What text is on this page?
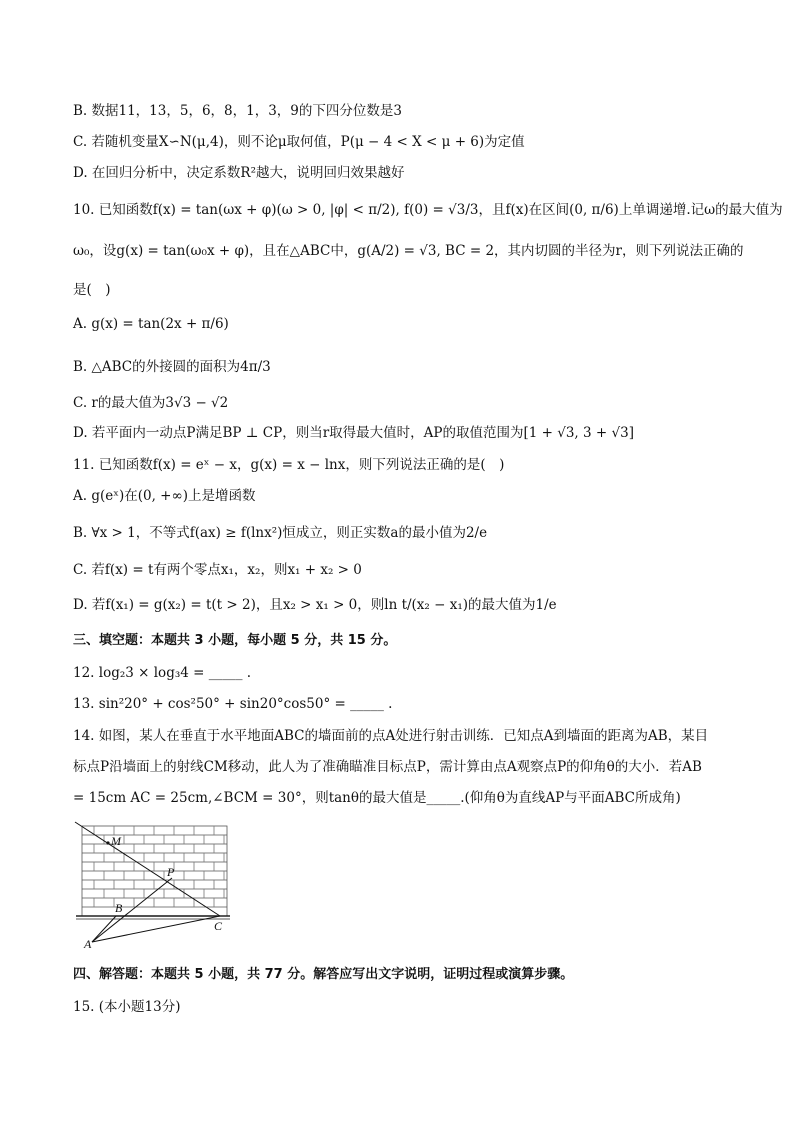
B. 数据11，13，5，6，8，1，3，9的下四分位数是3
C. 若随机变量X∽N(μ,4)，则不论μ取何值，P(μ − 4 < X < μ + 6)为定值
D. 在回归分析中，决定系数R²越大，说明回归效果越好
10. 已知函数f(x) = tan(ωx + φ)(ω > 0, |φ| < π/2), f(0) = √3/3，且f(x)在区间(0, π/6)上单调递增.记ω的最大值为
ω₀，设g(x) = tan(ω₀x + φ)，且在△ABC中，g(A/2) = √3, BC = 2，其内切圆的半径为r，则下列说法正确的
是(　)
A. g(x) = tan(2x + π/6)
B. △ABC的外接圆的面积为4π/3
C. r的最大值为3√3 − √2
D. 若平面内一动点P满足BP ⊥ CP，则当r取得最大值时，AP的取值范围为[1 + √3, 3 + √3]
11. 已知函数f(x) = eˣ − x，g(x) = x − lnx，则下列说法正确的是(　)
A. g(eˣ)在(0, +∞)上是增函数
B. ∀x > 1，不等式f(ax) ≥ f(lnx²)恒成立，则正实数a的最小值为2/e
C. 若f(x) = t有两个零点x₁，x₂，则x₁ + x₂ > 0
D. 若f(x₁) = g(x₂) = t(t > 2)，且x₂ > x₁ > 0，则ln t/(x₂ − x₁)的最大值为1/e
三、填空题：本题共 3 小题，每小题 5 分，共 15 分。
12. log₂3 × log₃4 = _____ .
13. sin²20° + cos²50° + sin20°cos50° = _____ .
14. 如图，某人在垂直于水平地面ABC的墙面前的点A处进行射击训练．已知点A到墙面的距离为AB，某目
标点P沿墙面上的射线CM移动，此人为了准确瞄准目标点P，需计算由点A观察点P的仰角θ的大小．若AB
= 15cm AC = 25cm,∠BCM = 30°，则tanθ的最大值是_____.(仰角θ为直线AP与平面ABC所成角)
M
P
B
A
C
四、解答题：本题共 5 小题，共 77 分。解答应写出文字说明，证明过程或演算步骤。
15. (本小题13分)
